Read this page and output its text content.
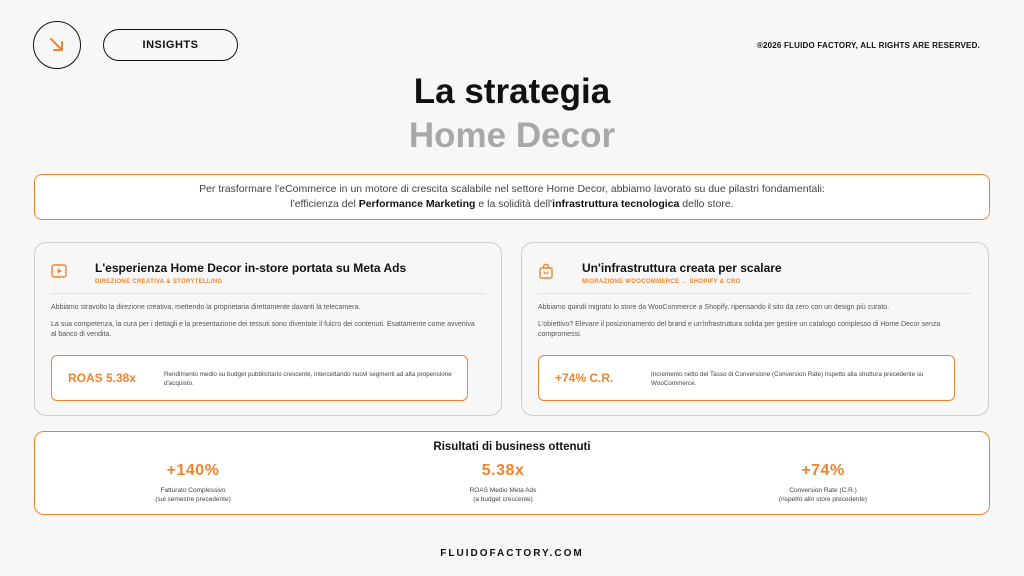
INSIGHTS	®2026 FLUIDO FACTORY, ALL RIGHTS ARE RESERVED.
La strategia
Home Decor
Per trasformare l'eCommerce in un motore di crescita scalabile nel settore Home Decor, abbiamo lavorato su due pilastri fondamentali:
l'efficienza del Performance Marketing e la solidità dell'infrastruttura tecnologica dello store.
L'esperienza Home Decor in-store portata su Meta Ads
DIREZIONE CREATIVA & STORYTELLING

Abbiamo stravolto la direzione creativa, mettendo la proprietaria direttamente davanti la telecamera.

La sua competenza, la cura per i dettagli e la presentazione dei tessuti sono diventate il fulcro dei contenuti. Esattamente come avveniva al banco di vendita.

ROAS 5.38x	Rendimento medio su budget pubblicitario crescente, intercettando nuovi segmenti ad alta propensione d'acquisto.
Un'infrastruttura creata per scalare
MIGRAZIONE WOOCOMMERCE → SHOPIFY & CRO

Abbiamo quindi migrato lo store da WooCommerce a Shopify, ripensando il sito da zero con un design più curato.

L'obiettivo? Elevare il posizionamento del brand e un'infrastruttura solida per gestire un catalogo complesso di Home Decor senza compromessi.

+74% C.R.	Incremento netto del Tasso di Conversione (Conversion Rate) rispetto alla struttura precedente su WooCommerce.
Risultati di business ottenuti
+140%
Fatturato Complessivo
(sul semestre precedente)
5.38x
ROAS Medio Meta Ads
(a budget crescente)
+74%
Conversion Rate (C.R.)
(rispetto allo store precedente)
FLUIDOFACTORY.COM
